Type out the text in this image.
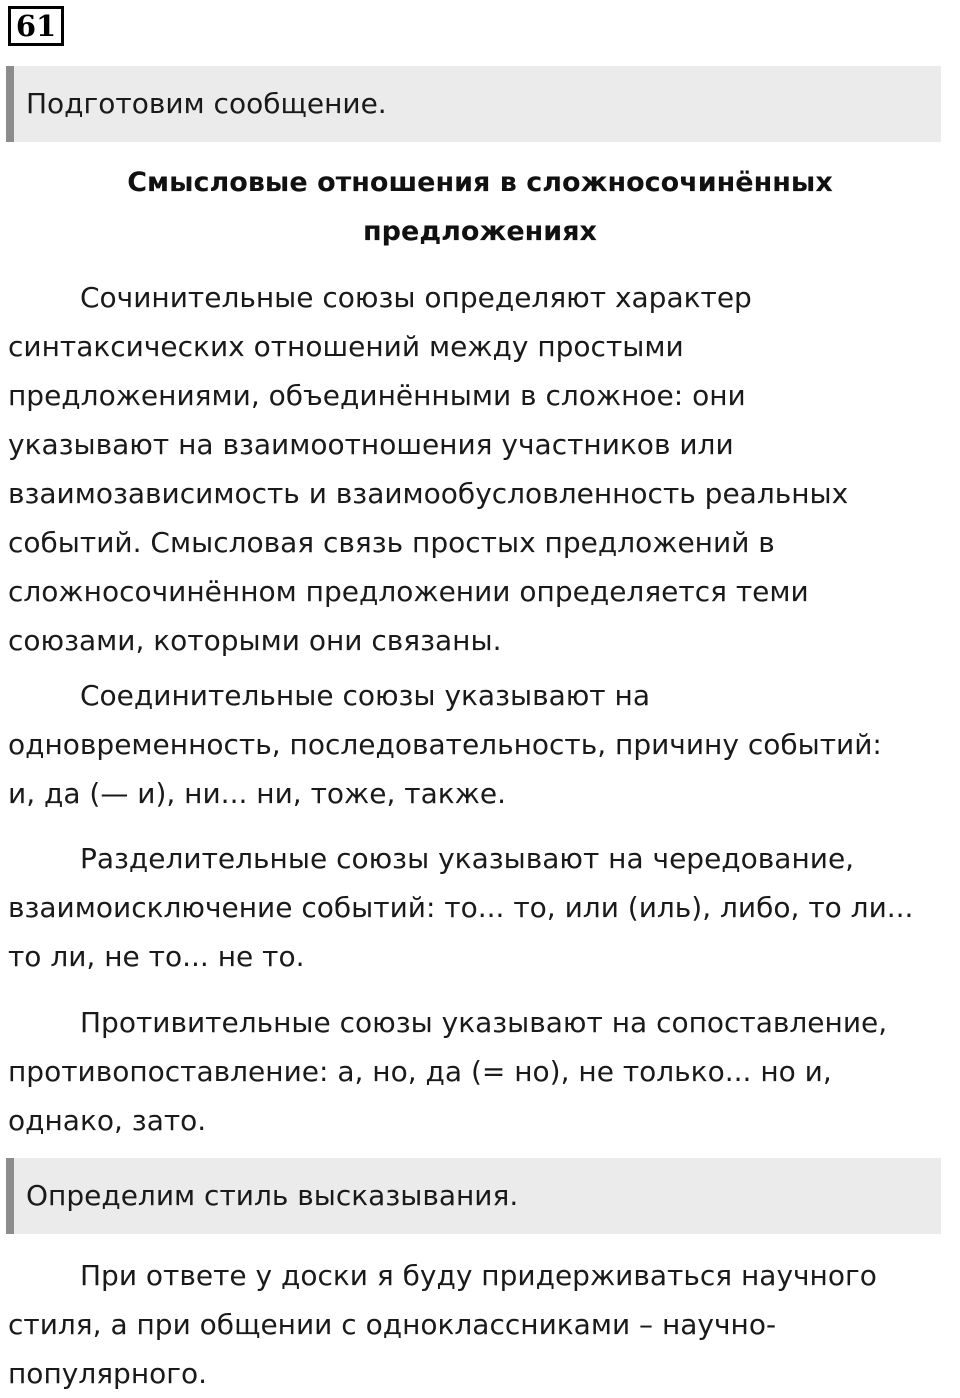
61
Подготовим сообщение.
Смысловые отношения в сложносочинённых
предложениях
Сочинительные союзы определяют характер
синтаксических отношений между простыми
предложениями, объединёнными в сложное: они
указывают на взаимоотношения участников или
взаимозависимость и взаимообусловленность реальных
событий. Смысловая связь простых предложений в
сложносочинённом предложении определяется теми
союзами, которыми они связаны.
Соединительные союзы указывают на
одновременность, последовательность, причину событий:
и, да (— и), ни... ни, тоже, также.
Разделительные союзы указывают на чередование,
взаимоисключение событий: то... то, или (иль), либо, то ли...
то ли, не то... не то.
Противительные союзы указывают на сопоставление,
противопоставление: а, но, да (= но), не только... но и,
однако, зато.
Определим стиль высказывания.
При ответе у доски я буду придерживаться научного
стиля, а при общении с одноклассниками – научно-
популярного.
